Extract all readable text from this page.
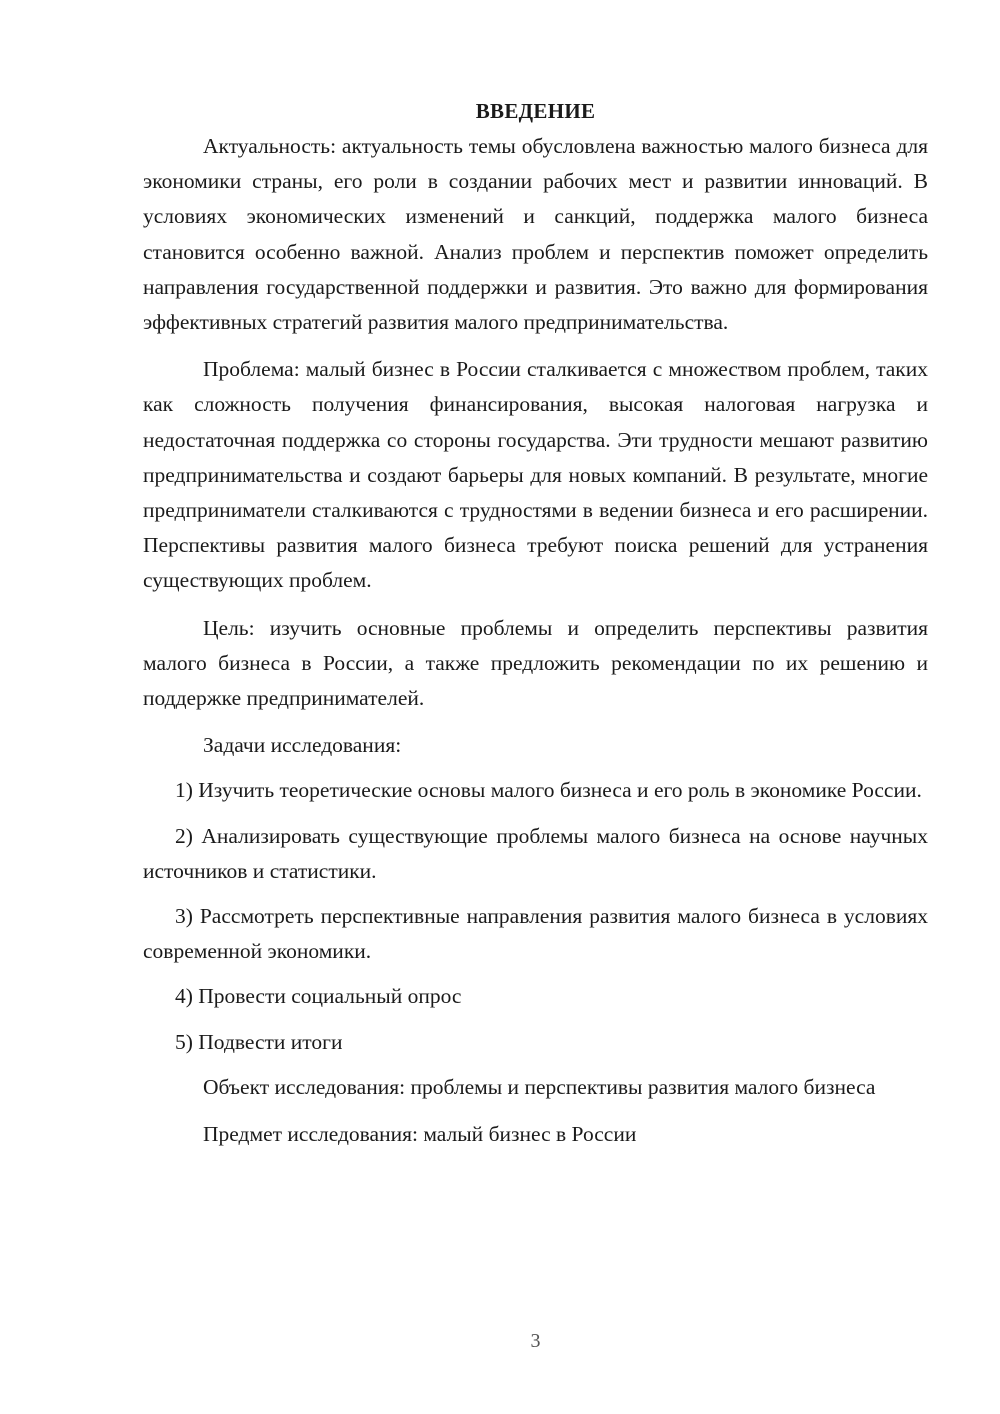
ВВЕДЕНИЕ

Актуальность: актуальность темы обусловлена важностью малого бизнеса для экономики страны, его роли в создании рабочих мест и развитии инноваций. В условиях экономических изменений и санкций, поддержка малого бизнеса становится особенно важной. Анализ проблем и перспектив поможет определить направления государственной поддержки и развития. Это важно для формирования эффективных стратегий развития малого предпринимательства.

Проблема: малый бизнес в России сталкивается с множеством проблем, таких как сложность получения финансирования, высокая налоговая нагрузка и недостаточная поддержка со стороны государства. Эти трудности мешают развитию предпринимательства и создают барьеры для новых компаний. В результате, многие предприниматели сталкиваются с трудностями в ведении бизнеса и его расширении. Перспективы развития малого бизнеса требуют поиска решений для устранения существующих проблем.

Цель: изучить основные проблемы и определить перспективы развития малого бизнеса в России, а также предложить рекомендации по их решению и поддержке предпринимателей.

Задачи исследования:

1) Изучить теоретические основы малого бизнеса и его роль в экономике России.

2) Анализировать существующие проблемы малого бизнеса на основе научных источников и статистики.

3) Рассмотреть перспективные направления развития малого бизнеса в условиях современной экономики.

4) Провести социальный опрос

5) Подвести итоги

Объект исследования: проблемы и перспективы развития малого бизнеса

Предмет исследования: малый бизнес в России

3
